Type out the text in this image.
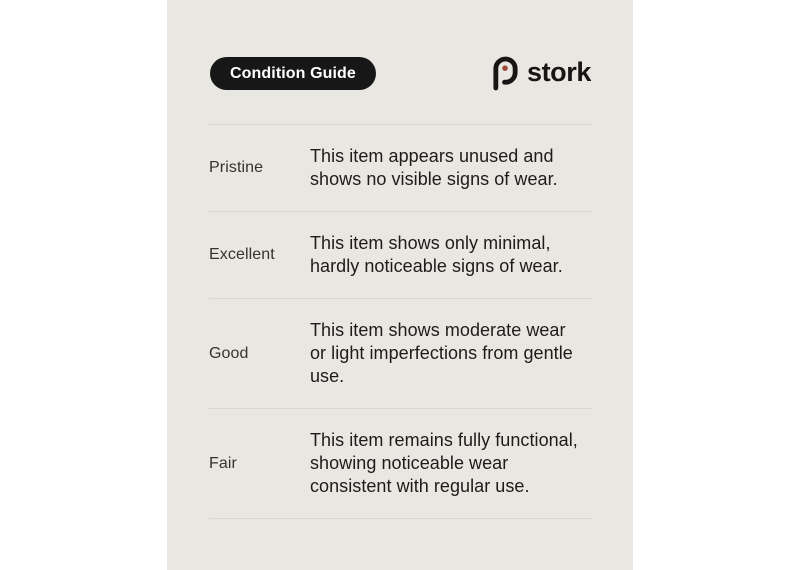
Condition Guide	stork
Pristine

This item appears unused and shows no visible signs of wear.

Excellent

This item shows only minimal, hardly noticeable signs of wear.

Good

This item shows moderate wear or light imperfections from gentle use.

Fair

This item remains fully functional, showing noticeable wear consistent with regular use.
